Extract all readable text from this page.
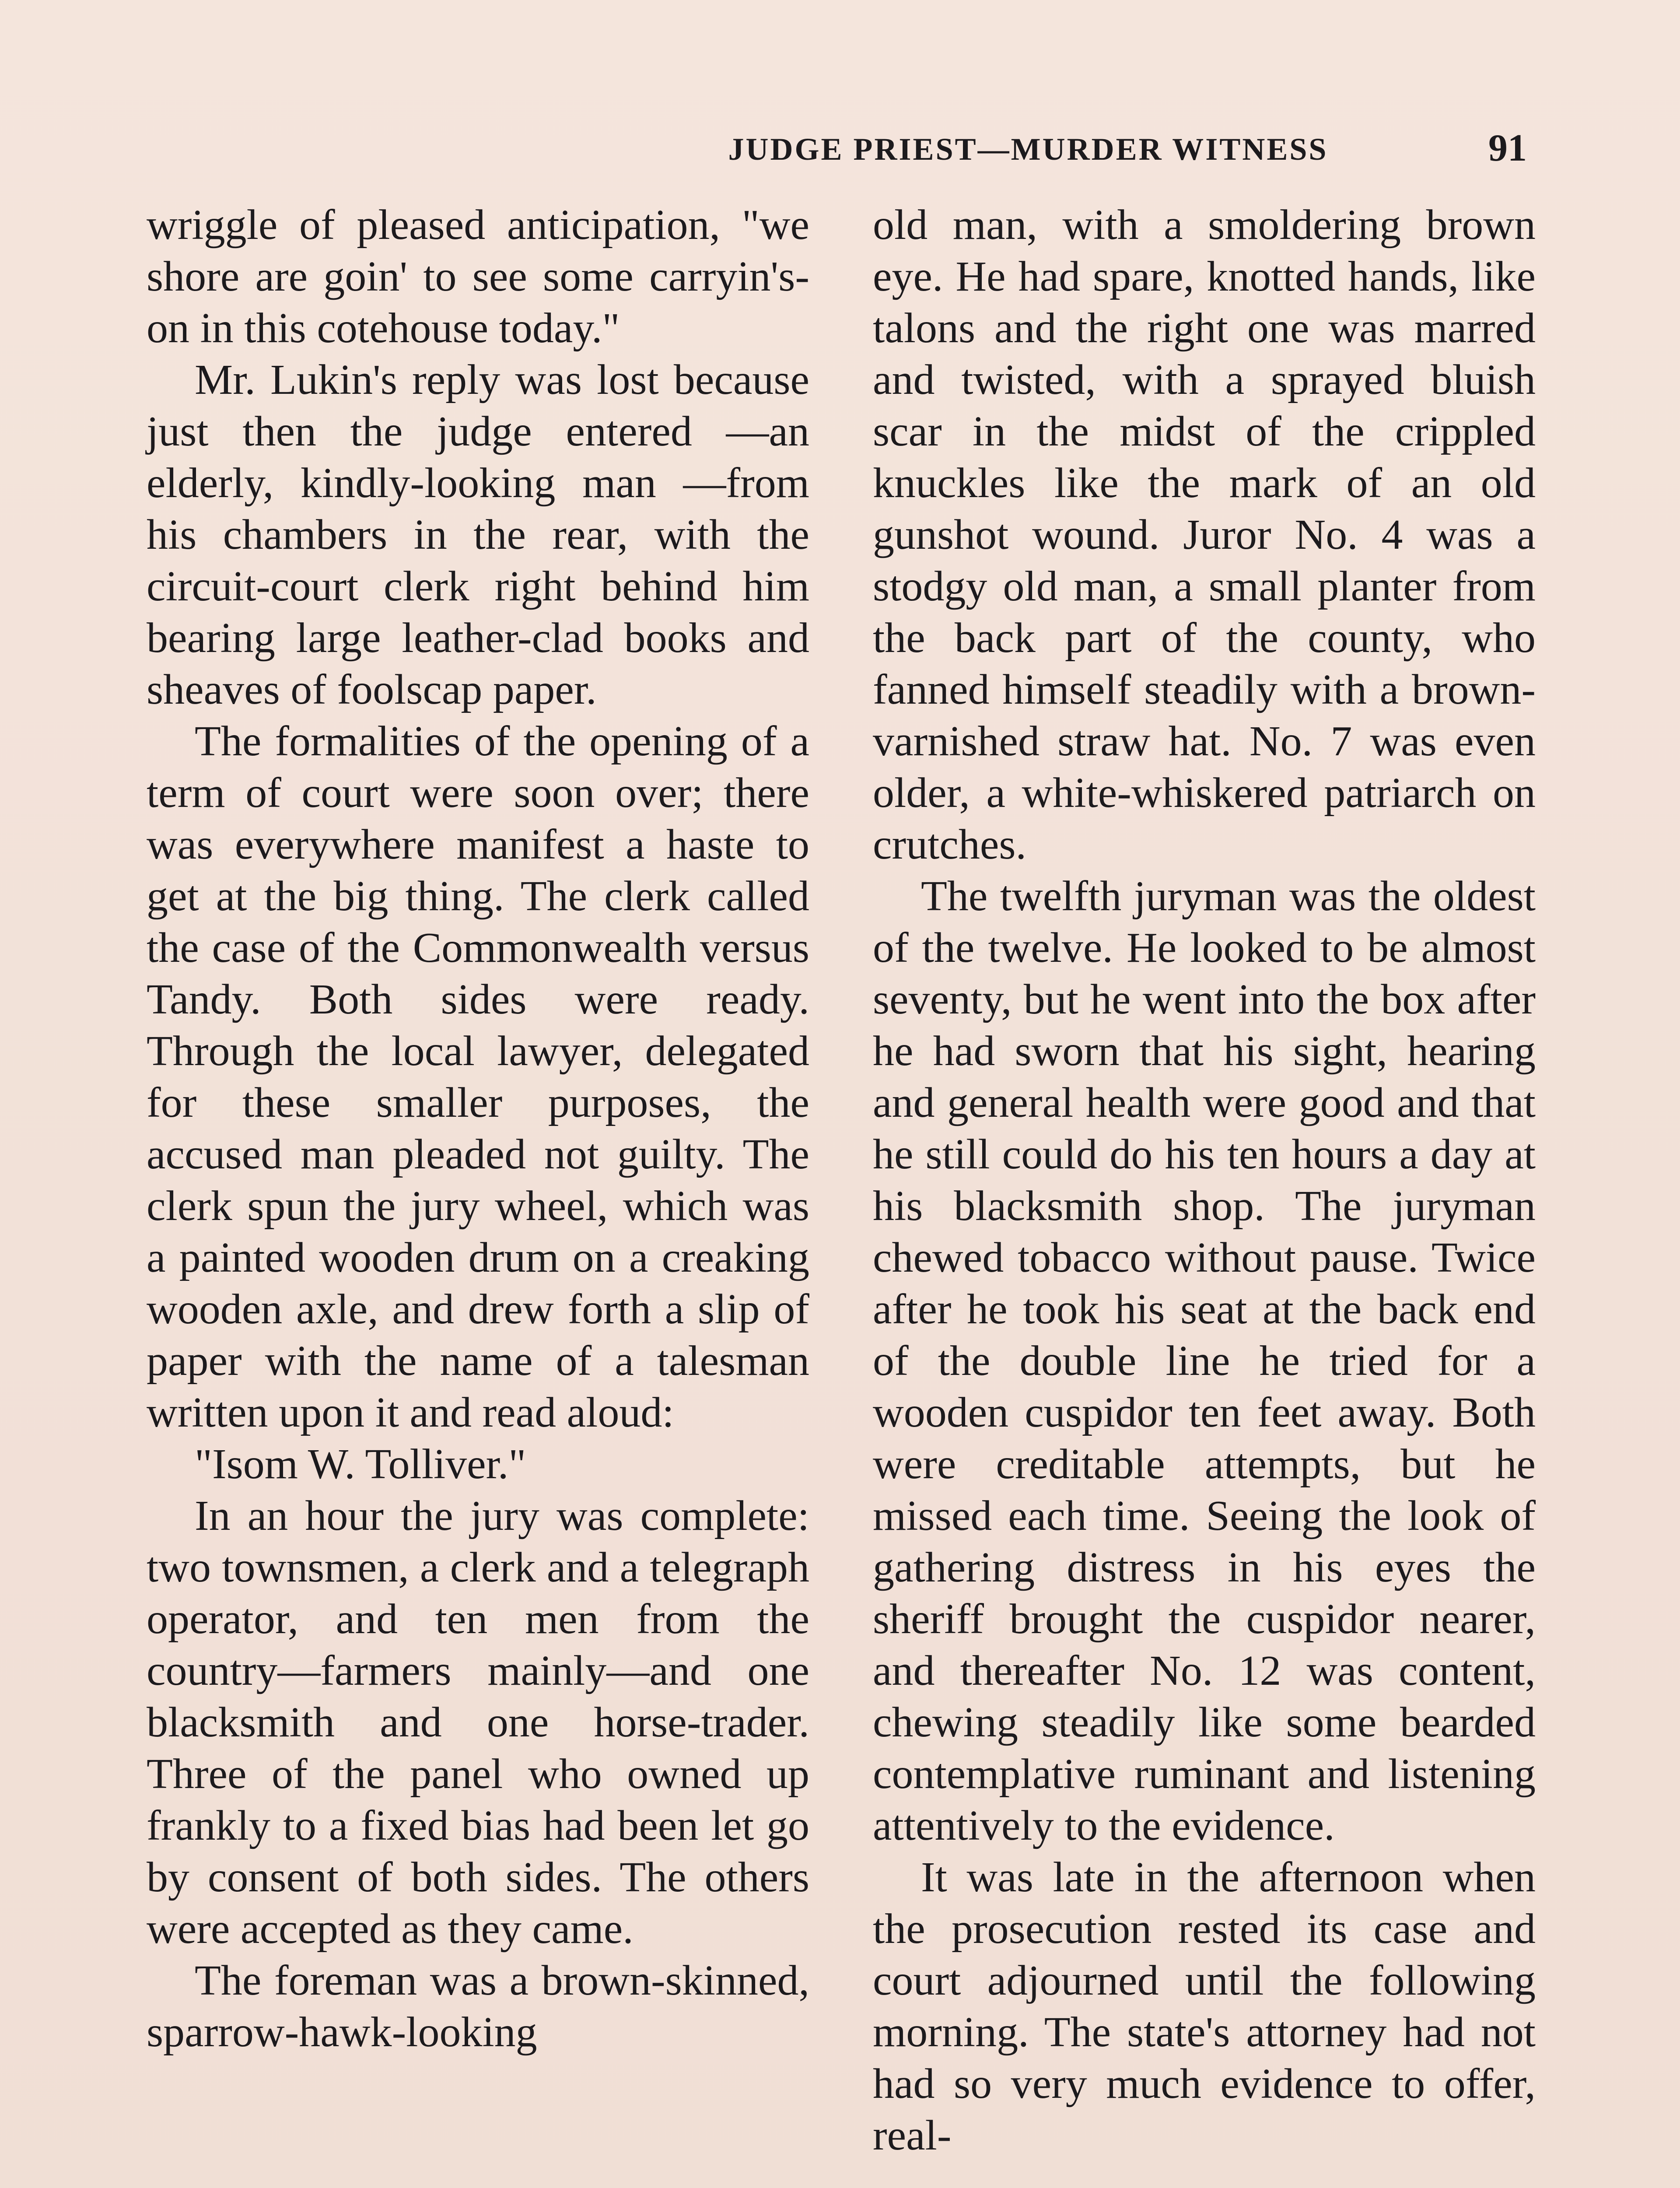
JUDGE PRIEST—MURDER WITNESS	91

wriggle of pleased anticipation, "we shore are goin' to see some carryin's-on in this cotehouse today."

Mr. Lukin's reply was lost because just then the judge entered —an elderly, kindly-looking man —from his chambers in the rear, with the circuit-court clerk right behind him bearing large leather-clad books and sheaves of foolscap paper.

The formalities of the opening of a term of court were soon over; there was everywhere manifest a haste to get at the big thing. The clerk called the case of the Commonwealth versus Tandy. Both sides were ready. Through the local lawyer, delegated for these smaller purposes, the accused man pleaded not guilty. The clerk spun the jury wheel, which was a painted wooden drum on a creaking wooden axle, and drew forth a slip of paper with the name of a talesman written upon it and read aloud:

"Isom W. Tolliver."

In an hour the jury was complete: two townsmen, a clerk and a telegraph operator, and ten men from the country—farmers mainly—and one blacksmith and one horse-trader. Three of the panel who owned up frankly to a fixed bias had been let go by consent of both sides. The others were accepted as they came.

The foreman was a brown-skinned, sparrow-hawk-looking

old man, with a smoldering brown eye. He had spare, knotted hands, like talons and the right one was marred and twisted, with a sprayed bluish scar in the midst of the crippled knuckles like the mark of an old gunshot wound. Juror No. 4 was a stodgy old man, a small planter from the back part of the county, who fanned himself steadily with a brown-varnished straw hat. No. 7 was even older, a white-whiskered patriarch on crutches.

The twelfth juryman was the oldest of the twelve. He looked to be almost seventy, but he went into the box after he had sworn that his sight, hearing and general health were good and that he still could do his ten hours a day at his blacksmith shop. The juryman chewed tobacco without pause. Twice after he took his seat at the back end of the double line he tried for a wooden cuspidor ten feet away. Both were creditable attempts, but he missed each time. Seeing the look of gathering distress in his eyes the sheriff brought the cuspidor nearer, and thereafter No. 12 was content, chewing steadily like some bearded contemplative ruminant and listening attentively to the evidence.

It was late in the afternoon when the prosecution rested its case and court adjourned until the following morning. The state's attorney had not had so very much evidence to offer, real-
